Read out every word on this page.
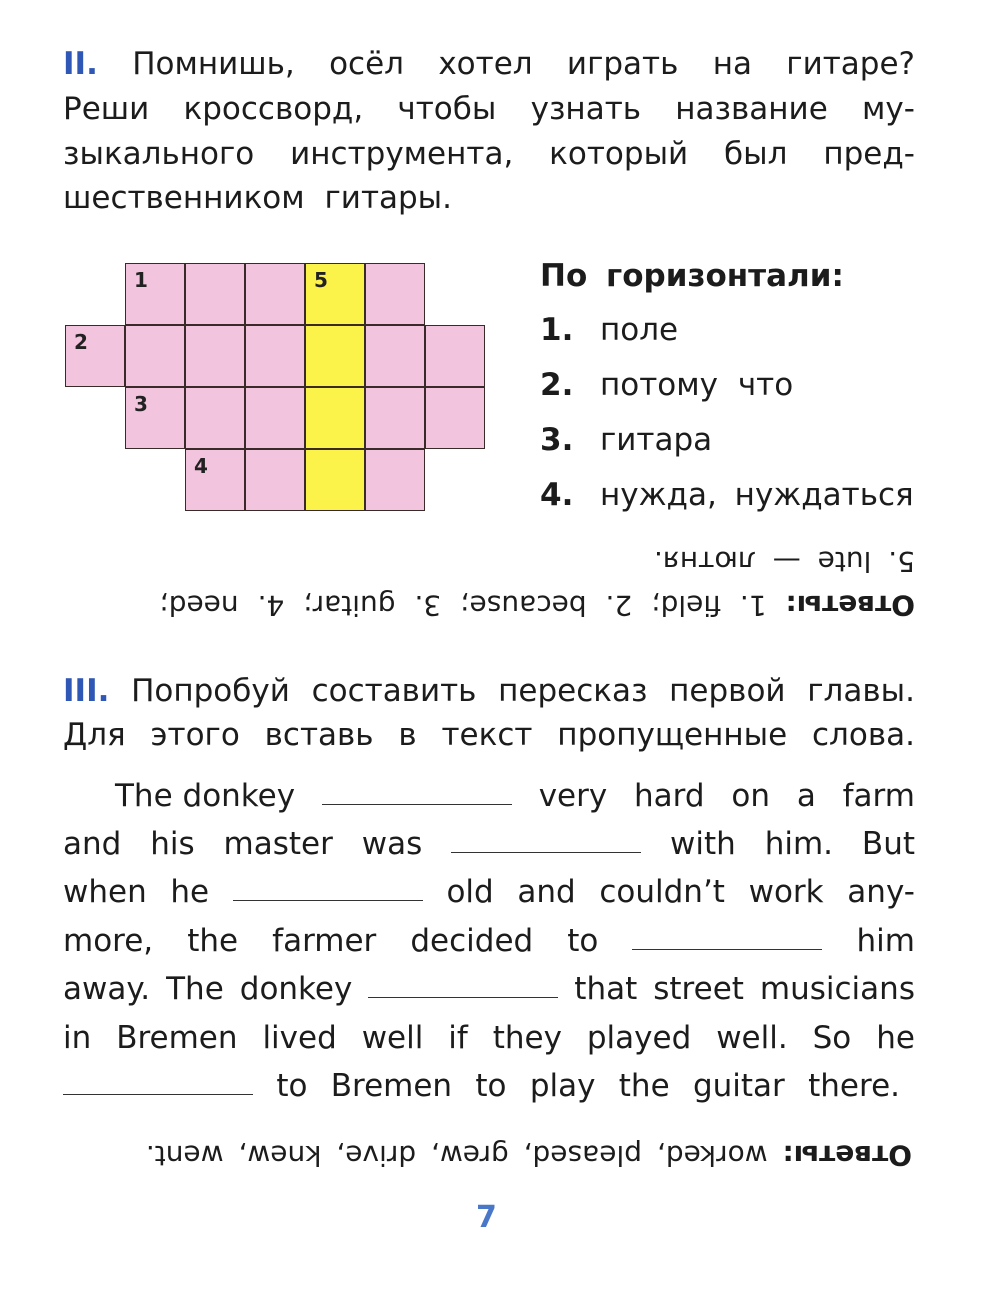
II. Помнишь, осёл хотел играть на гитаре?
Реши кроссворд, чтобы узнать название му-
зыкального инструмента, который был пред-
шественником гитары.
1	5
2
3
4
По горизонтали:
1. поле
2. потому что
3. гитара
4. нужда, нуждаться
Ответы: 1. field; 2. because; 3. guitar; 4. need;
5. lute — лютня.
III. Попробуй составить пересказ первой главы.
Для этого вставь в текст пропущенные слова.
The donkey	very hard on a farm
and his master was	with him. But
when he	old and couldn’t work any-
more, the farmer decided to	him
away. The donkey	that street musicians
in Bremen lived well if they played well. So he
to Bremen to play the guitar there.
Ответы: worked, pleased, grew, drive, knew, went.
7
